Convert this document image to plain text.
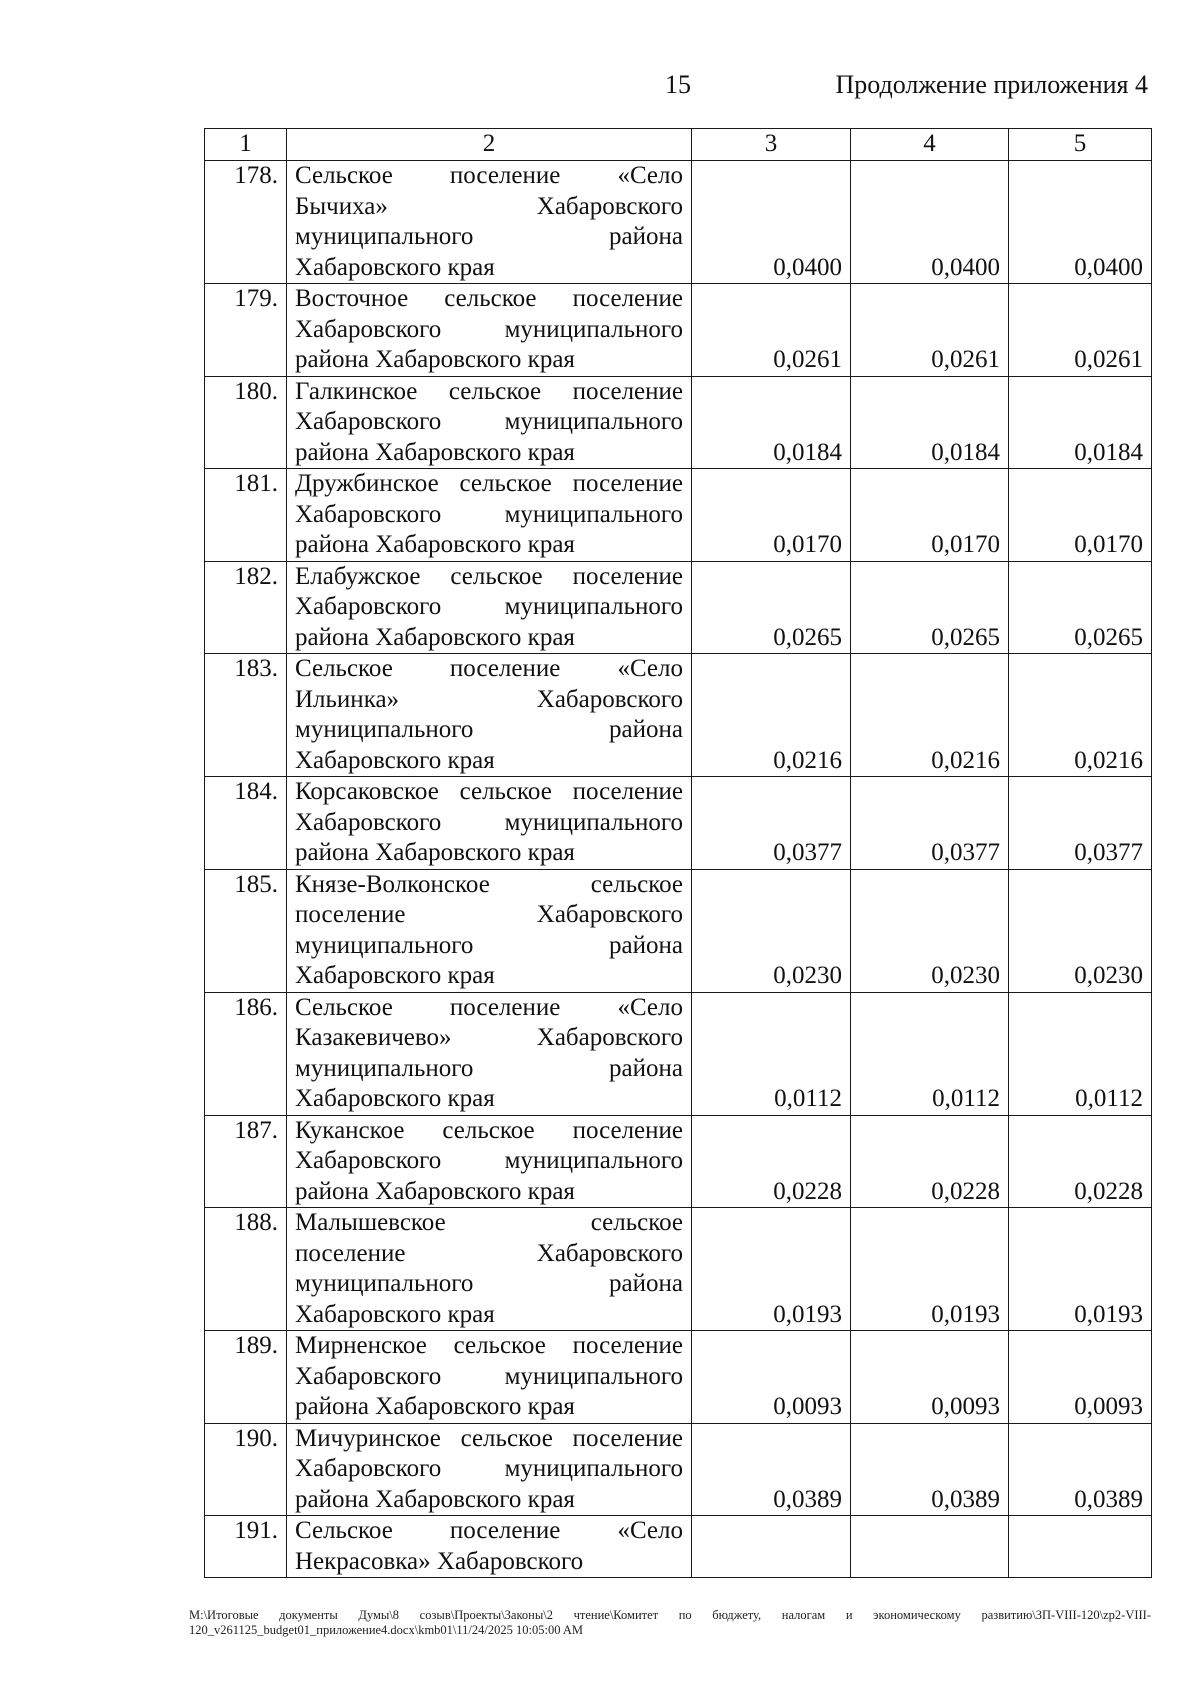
15	Продолжение приложения 4
1	2	3	4	5
178.	Сельское поселение «Село
Бычиха» Хабаровского
муниципального района
Хабаровского края	0,0400	0,0400	0,0400
179.	Восточное сельское поселение
Хабаровского муниципального
района Хабаровского края	0,0261	0,0261	0,0261
180.	Галкинское сельское поселение
Хабаровского муниципального
района Хабаровского края	0,0184	0,0184	0,0184
181.	Дружбинское сельское поселение
Хабаровского муниципального
района Хабаровского края	0,0170	0,0170	0,0170
182.	Елабужское сельское поселение
Хабаровского муниципального
района Хабаровского края	0,0265	0,0265	0,0265
183.	Сельское поселение «Село
Ильинка» Хабаровского
муниципального района
Хабаровского края	0,0216	0,0216	0,0216
184.	Корсаковское сельское поселение
Хабаровского муниципального
района Хабаровского края	0,0377	0,0377	0,0377
185.	Князе-Волконское сельское
поселение Хабаровского
муниципального района
Хабаровского края	0,0230	0,0230	0,0230
186.	Сельское поселение «Село
Казакевичево» Хабаровского
муниципального района
Хабаровского края	0,0112	0,0112	0,0112
187.	Куканское сельское поселение
Хабаровского муниципального
района Хабаровского края	0,0228	0,0228	0,0228
188.	Малышевское сельское
поселение Хабаровского
муниципального района
Хабаровского края	0,0193	0,0193	0,0193
189.	Мирненское сельское поселение
Хабаровского муниципального
района Хабаровского края	0,0093	0,0093	0,0093
190.	Мичуринское сельское поселение
Хабаровского муниципального
района Хабаровского края	0,0389	0,0389	0,0389
191.	Сельское поселение «Село
Некрасовка» Хабаровского			

M:\Итоговые документы Думы\8 созыв\Проекты\Законы\2 чтение\Комитет по бюджету, налогам и экономическому развитию\ЗП-VIII-120\zp2-VIII-120_v261125_budget01_приложение4.docx\kmb01\11/24/2025 10:05:00 AM
